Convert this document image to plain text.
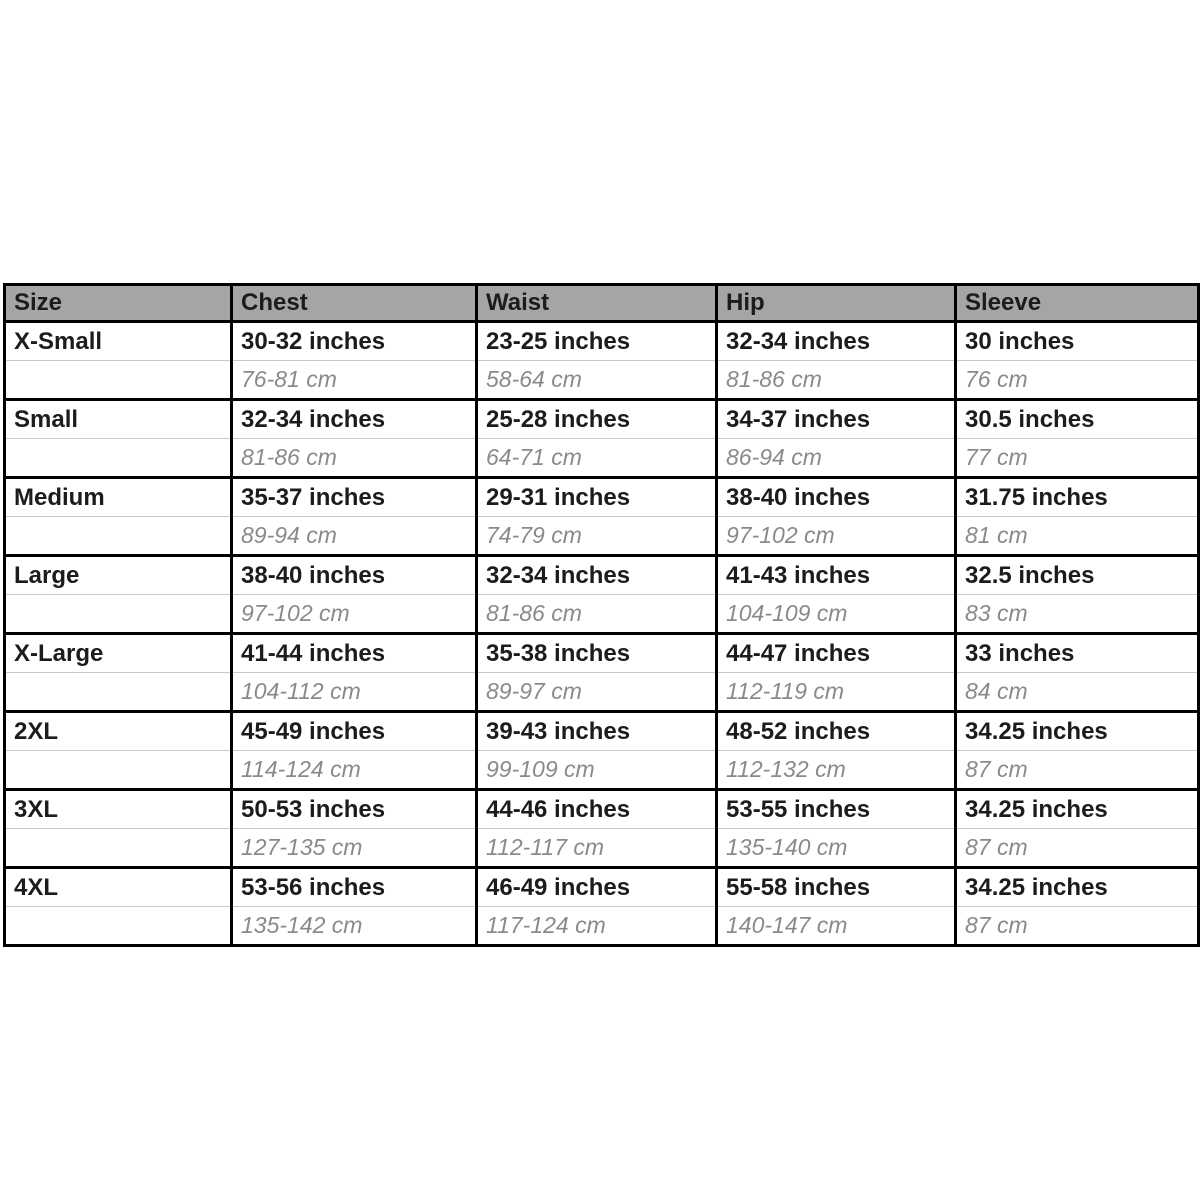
Size	Chest	Waist	Hip	Sleeve
X-Small	30-32 inches	23-25 inches	32-34 inches	30 inches
	76-81 cm	58-64 cm	81-86 cm	76 cm
Small	32-34 inches	25-28 inches	34-37 inches	30.5 inches
	81-86 cm	64-71 cm	86-94 cm	77 cm
Medium	35-37 inches	29-31 inches	38-40 inches	31.75 inches
	89-94 cm	74-79 cm	97-102 cm	81 cm
Large	38-40 inches	32-34 inches	41-43 inches	32.5 inches
	97-102 cm	81-86 cm	104-109 cm	83 cm
X-Large	41-44 inches	35-38 inches	44-47 inches	33 inches
	104-112 cm	89-97 cm	112-119 cm	84 cm
2XL	45-49 inches	39-43 inches	48-52 inches	34.25 inches
	114-124 cm	99-109 cm	112-132 cm	87 cm
3XL	50-53 inches	44-46 inches	53-55 inches	34.25 inches
	127-135 cm	112-117 cm	135-140 cm	87 cm
4XL	53-56 inches	46-49 inches	55-58 inches	34.25 inches
	135-142 cm	117-124 cm	140-147 cm	87 cm
